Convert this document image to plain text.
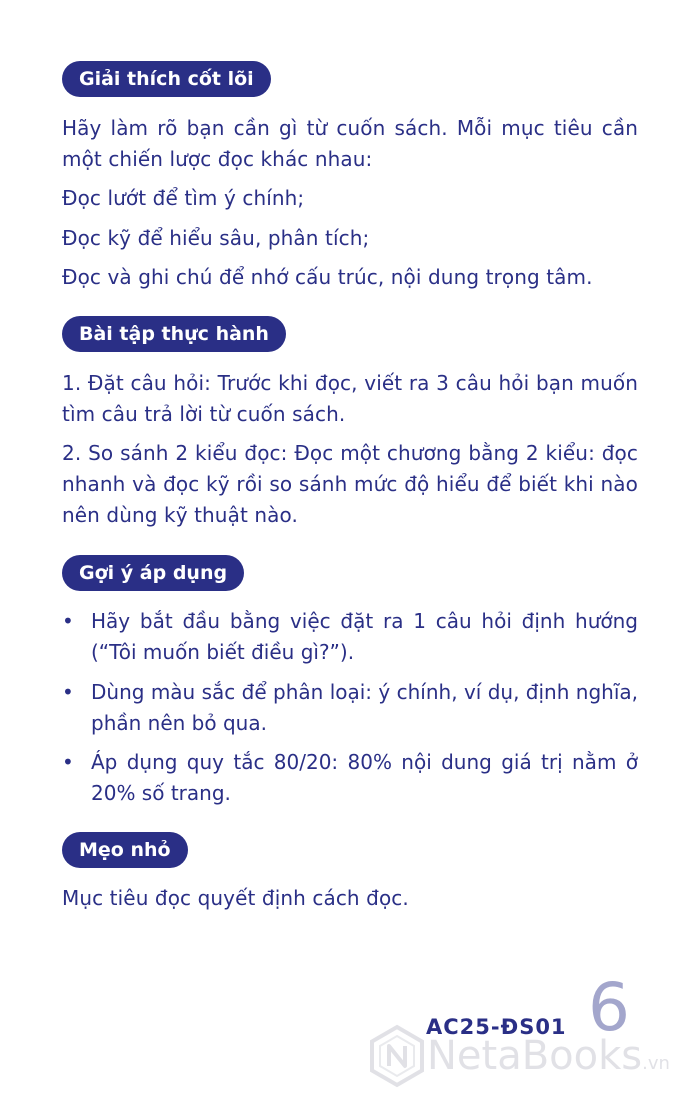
Giải thích cốt lõi
Hãy làm rõ bạn cần gì từ cuốn sách. Mỗi mục tiêu cần một chiến lược đọc khác nhau:
Đọc lướt để tìm ý chính;
Đọc kỹ để hiểu sâu, phân tích;
Đọc và ghi chú để nhớ cấu trúc, nội dung trọng tâm.
Bài tập thực hành
1. Đặt câu hỏi: Trước khi đọc, viết ra 3 câu hỏi bạn muốn tìm câu trả lời từ cuốn sách.
2. So sánh 2 kiểu đọc: Đọc một chương bằng 2 kiểu: đọc nhanh và đọc kỹ rồi so sánh mức độ hiểu để biết khi nào nên dùng kỹ thuật nào.
Gợi ý áp dụng
• Hãy bắt đầu bằng việc đặt ra 1 câu hỏi định hướng (“Tôi muốn biết điều gì?”).
• Dùng màu sắc để phân loại: ý chính, ví dụ, định nghĩa, phần nên bỏ qua.
• Áp dụng quy tắc 80/20: 80% nội dung giá trị nằm ở 20% số trang.
Mẹo nhỏ
Mục tiêu đọc quyết định cách đọc.
6
AC25-ĐS01
NetaBooks.vn
